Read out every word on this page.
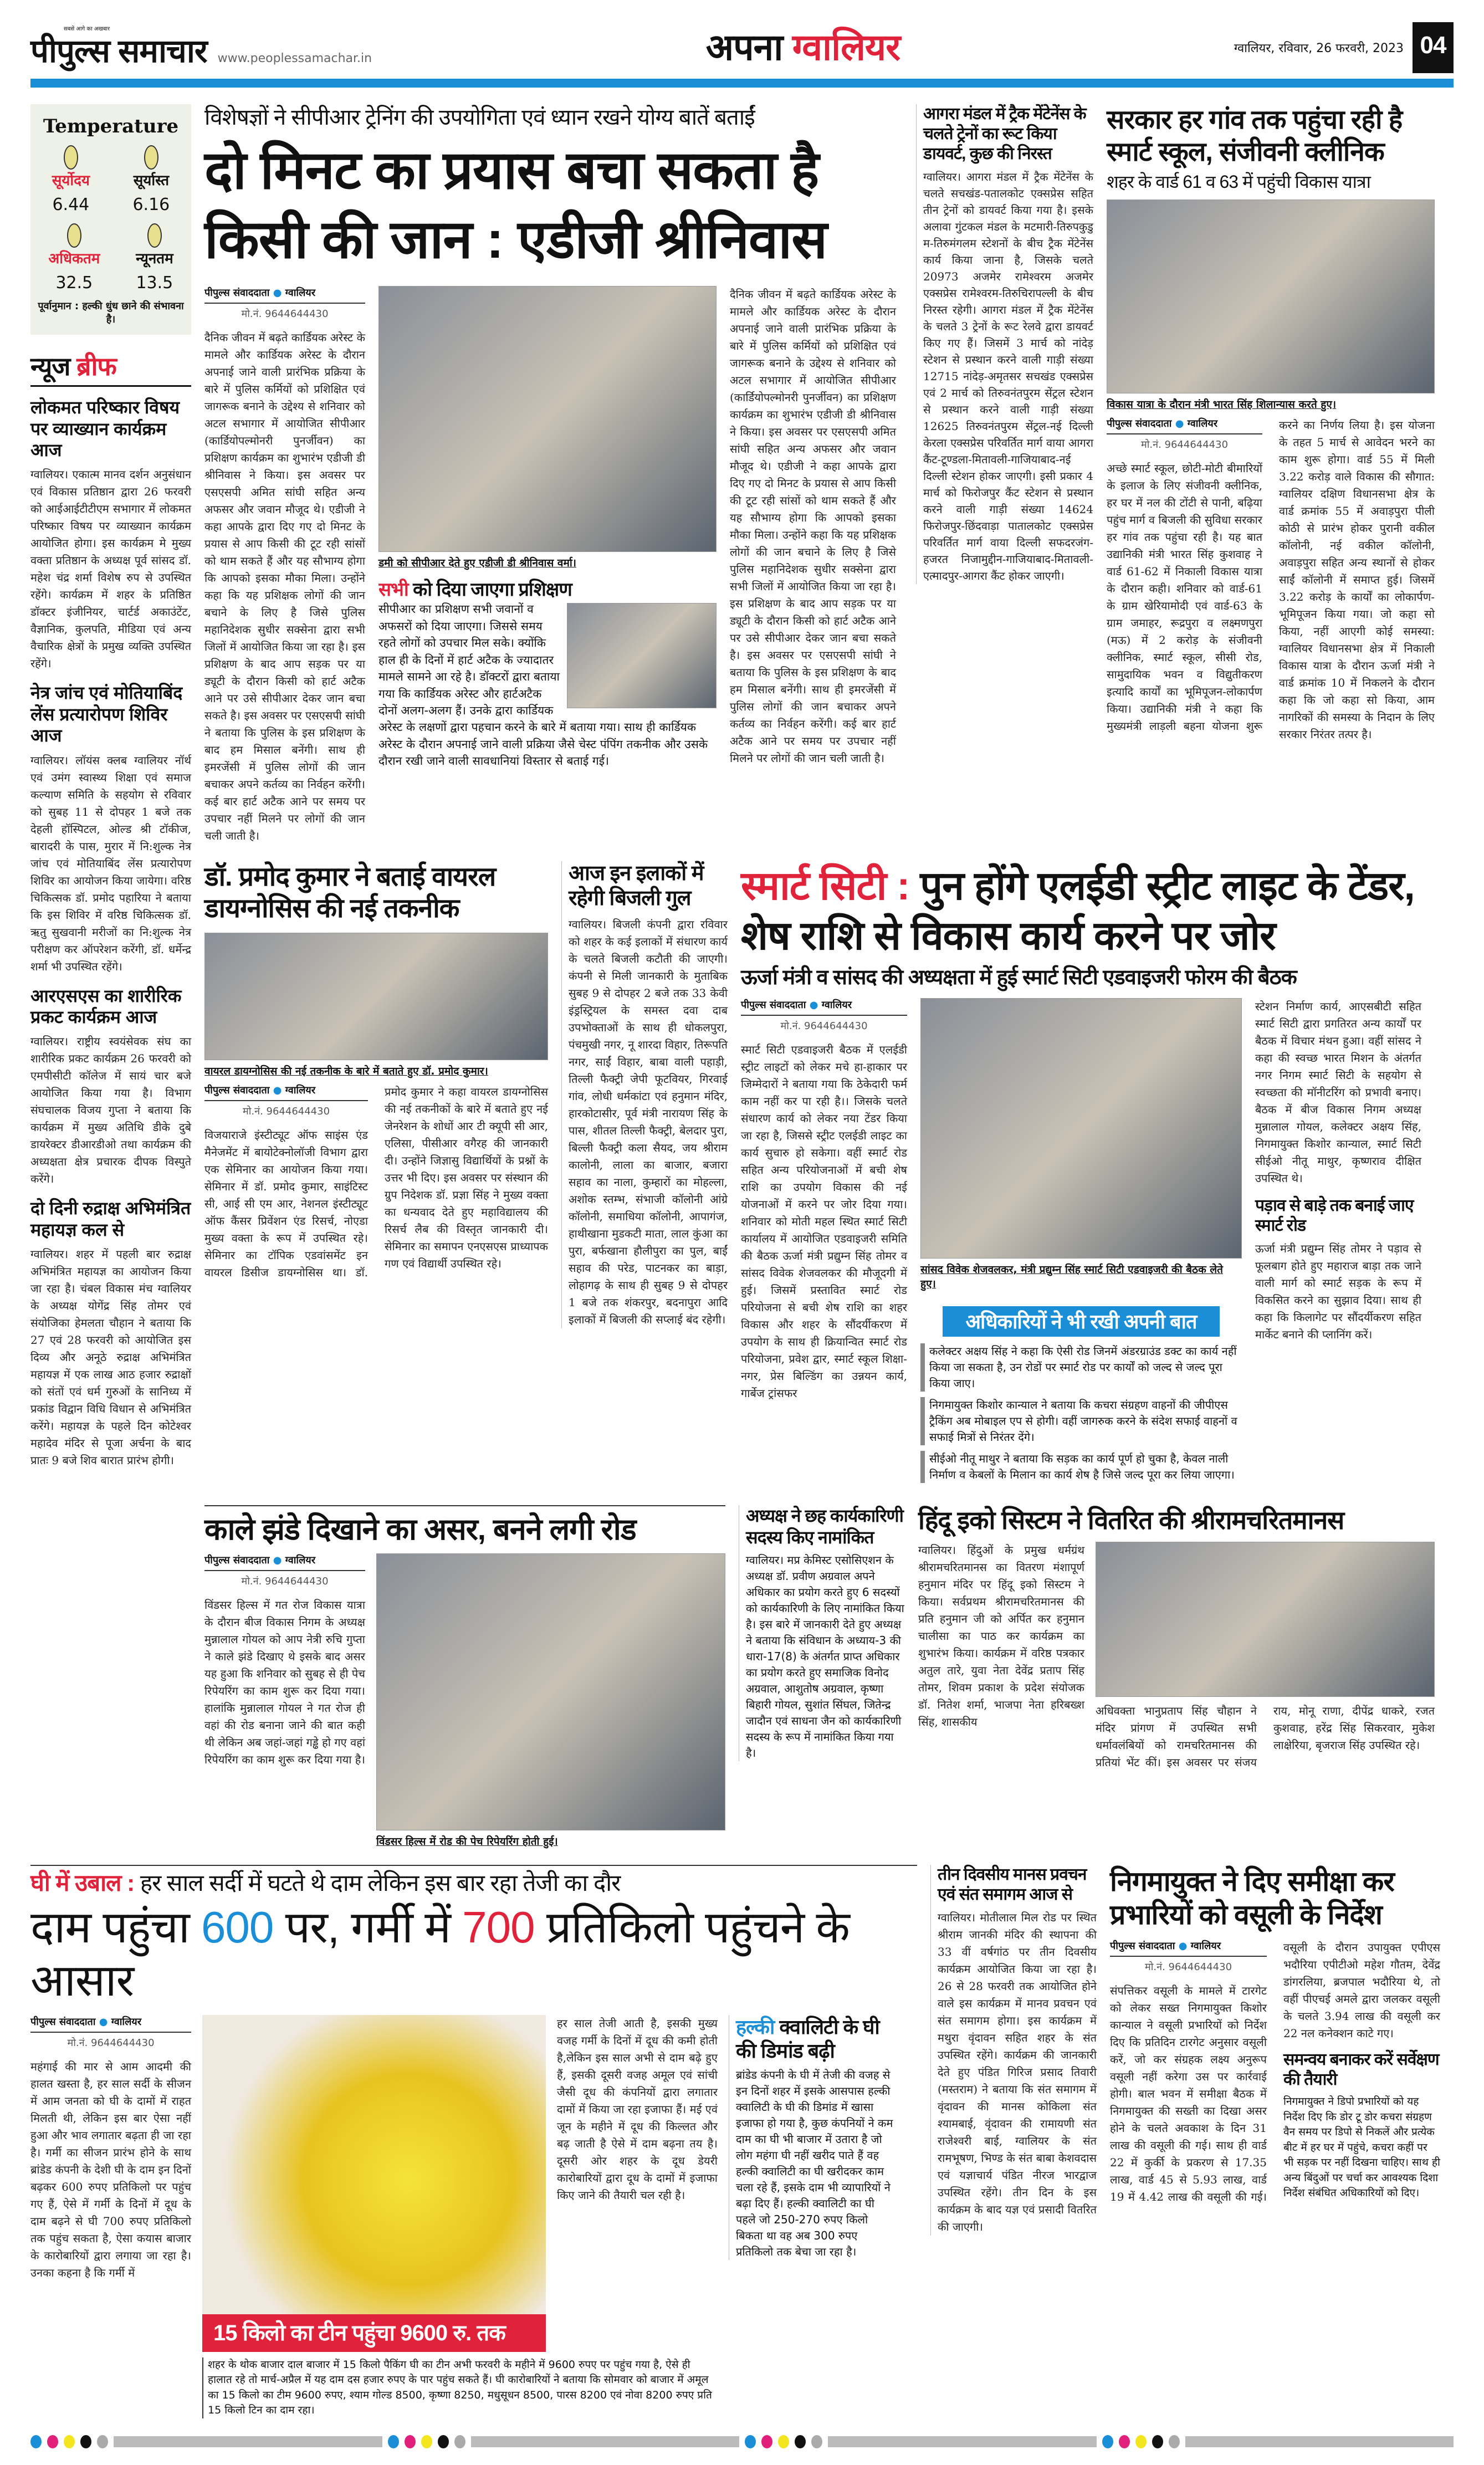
सबसे आगे का अखबार
पीपुल्स समाचार www.peoplessamachar.in	अपना ग्वालियर	ग्वालियर, रविवार, 26 फरवरी, 2023 04
Temperature
सूर्योदय
6.44
सूर्यास्त
6.16
अधिकतम
32.5
न्यूनतम
13.5
पूर्वानुमान : हल्की धुंध छाने की संभावना है।
न्यूज ब्रीफ
लोकमत परिष्कार विषय पर व्याख्यान कार्यक्रम आज
ग्वालियर। एकात्म मानव दर्शन अनुसंधान एवं विकास प्रतिष्ठान द्वारा 26 फरवरी को आईआईटीटीएम सभागार में लोकमत परिष्कार विषय पर व्याख्यान कार्यक्रम आयोजित होगा। इस कार्यक्रम मे मुख्य वक्ता प्रतिष्ठान के अध्यक्ष पूर्व सांसद डॉ. महेश चंद्र शर्मा विशेष रुप से उपस्थित रहेंगे। कार्यक्रम में शहर के प्रतिष्ठित डॉक्टर इंजीनियर, चार्टर्ड अकाउंटेंट, वैज्ञानिक, कुलपति, मीडिया एवं अन्य वैचारिक क्षेत्रों के प्रमुख व्यक्ति उपस्थित रहेंगे।
नेत्र जांच एवं मोतियाबिंद लेंस प्रत्यारोपण शिविर आज
ग्वालियर। लॉयंस क्लब ग्वालियर नॉर्थ एवं उमंग स्वास्थ्य शिक्षा एवं समाज कल्याण समिति के सहयोग से रविवार को सुबह 11 से दोपहर 1 बजे तक देहली हॉस्पिटल, ओल्ड श्री टॉकीज, बारादरी के पास, मुरार में नि:शुल्क नेत्र जांच एवं मोतियाबिंद लेंस प्रत्यारोपण शिविर का आयोजन किया जायेगा। वरिष्ठ चिकित्सक डॉ. प्रमोद पहारिया ने बताया कि इस शिविर में वरिष्ठ चिकित्सक डॉ. ऋतु सुखवानी मरीजों का नि:शुल्क नेत्र परीक्षण कर ऑपरेशन करेंगी, डॉ. धर्मेन्द्र शर्मा भी उपस्थित रहेंगे।
आरएसएस का शारीरिक प्रकट कार्यक्रम आज
ग्वालियर। राष्ट्रीय स्वयंसेवक संघ का शारीरिक प्रकट कार्यक्रम 26 फरवरी को एमपीसीटी कॉलेज में सायं चार बजे आयोजित किया गया है। विभाग संघचालक विजय गुप्ता ने बताया कि कार्यक्रम में मुख्य अतिथि डीके दुबे डायरेक्टर डीआरडीओ तथा कार्यक्रम की अध्यक्षता क्षेत्र प्रचारक दीपक विस्पुते करेंगे।
दो दिनी रुद्राक्ष अभिमंत्रित महायज्ञ कल से
ग्वालियर। शहर में पहली बार रुद्राक्ष अभिमंत्रित महायज्ञ का आयोजन किया जा रहा है। चंबल विकास मंच ग्वालियर के अध्यक्ष योगेंद्र सिंह तोमर एवं संयोजिका हेमलता चौहान ने बताया कि 27 एवं 28 फरवरी को आयोजित इस दिव्य और अनूठे रुद्राक्ष अभिमंत्रित महायज्ञ में एक लाख आठ हजार रुद्राक्षों को संतों एवं धर्म गुरुओं के सानिध्य में प्रकांड विद्वान विधि विधान से अभिमंत्रित करेंगे। महायज्ञ के पहले दिन कोटेश्वर महादेव मंदिर से पूजा अर्चना के बाद प्रातः 9 बजे शिव बारात प्रारंभ होगी।
विशेषज्ञों ने सीपीआर ट्रेनिंग की उपयोगिता एवं ध्यान रखने योग्य बातें बताईं
दो मिनट का प्रयास बचा सकता है किसी की जान : एडीजी श्रीनिवास
पीपुल्स संवाददाता ● ग्वालियर
मो.नं. 9644644430
दैनिक जीवन में बढ़ते कार्डियक अरेस्ट के मामले और कार्डियक अरेस्ट के दौरान अपनाई जाने वाली प्रारंभिक प्रक्रिया के बारे में पुलिस कर्मियों को प्रशिक्षित एवं जागरूक बनाने के उद्देश्य से शनिवार को अटल सभागार में आयोजित सीपीआर (कार्डियोपल्मोनरी पुनर्जीवन) का प्रशिक्षण कार्यक्रम का शुभारंभ एडीजी डी श्रीनिवास ने किया। इस अवसर पर एसएसपी अमित सांघी सहित अन्य अफसर और जवान मौजूद थे। एडीजी ने कहा आपके द्वारा दिए गए दो मिनट के प्रयास से आप किसी की टूट रही सांसों को थाम सकते हैं और यह सौभाग्य होगा कि आपको इसका मौका मिला। उन्होंने कहा कि यह प्रशिक्षक लोगों की जान बचाने के लिए है जिसे पुलिस महानिदेशक सुधीर सक्सेना द्वारा सभी जिलों में आयोजित किया जा रहा है। इस प्रशिक्षण के बाद आप सड़क पर या ड्यूटी के दौरान किसी को हार्ट अटैक आने पर उसे सीपीआर देकर जान बचा सकते है। इस अवसर पर एसएसपी सांघी ने बताया कि पुलिस के इस प्रशिक्षण के बाद हम मिसाल बनेंगी। साथ ही इमरजेंसी में पुलिस लोगों की जान बचाकर अपने कर्तव्य का निर्वहन करेंगी। कई बार हार्ट अटैक आने पर समय पर उपचार नहीं मिलने पर लोगों की जान चली जाती है।
डमी को सीपीआर देते हुए एडीजी डी श्रीनिवास वर्मा।
सभी को दिया जाएगा प्रशिक्षण
सीपीआर का प्रशिक्षण सभी जवानों व अफसरों को दिया जाएगा। जिससे समय रहते लोगों को उपचार मिल सके। क्योंकि हाल ही के दिनों में हार्ट अटैक के ज्यादातर मामले सामने आ रहे है। डॉक्टरों द्वारा बताया गया कि कार्डियक अरेस्ट और हार्टअटैक दोनों अलग-अलग हैं। उनके द्वारा कार्डियक अरेस्ट के लक्षणों द्वारा पहचान करने के बारे में बताया गया। साथ ही कार्डियक अरेस्ट के दौरान अपनाई जाने वाली प्रक्रिया जैसे चेस्ट पंपिंग तकनीक और उसके दौरान रखी जाने वाली सावधानियां विस्तार से बताई गई।
दैनिक जीवन में बढ़ते कार्डियक अरेस्ट के मामले और कार्डियक अरेस्ट के दौरान अपनाई जाने वाली प्रारंभिक प्रक्रिया के बारे में पुलिस कर्मियों को प्रशिक्षित एवं जागरूक बनाने के उद्देश्य से शनिवार को अटल सभागार में आयोजित सीपीआर (कार्डियोपल्मोनरी पुनर्जीवन) का प्रशिक्षण कार्यक्रम का शुभारंभ एडीजी डी श्रीनिवास ने किया। इस अवसर पर एसएसपी अमित सांघी सहित अन्य अफसर और जवान मौजूद थे। एडीजी ने कहा आपके द्वारा दिए गए दो मिनट के प्रयास से आप किसी की टूट रही सांसों को थाम सकते हैं और यह सौभाग्य होगा कि आपको इसका मौका मिला। उन्होंने कहा कि यह प्रशिक्षक लोगों की जान बचाने के लिए है जिसे पुलिस महानिदेशक सुधीर सक्सेना द्वारा सभी जिलों में आयोजित किया जा रहा है। इस प्रशिक्षण के बाद आप सड़क पर या ड्यूटी के दौरान किसी को हार्ट अटैक आने पर उसे सीपीआर देकर जान बचा सकते है। इस अवसर पर एसएसपी सांघी ने बताया कि पुलिस के इस प्रशिक्षण के बाद हम मिसाल बनेंगी। साथ ही इमरजेंसी में पुलिस लोगों की जान बचाकर अपने कर्तव्य का निर्वहन करेंगी। कई बार हार्ट अटैक आने पर समय पर उपचार नहीं मिलने पर लोगों की जान चली जाती है।
आगरा मंडल में ट्रैक मेंटेनेंस के चलते ट्रेनों का रूट किया डायवर्ट, कुछ की निरस्त
ग्वालियर। आगरा मंडल में ट्रैक मेंटेनेंस के चलते सचखंड-पतालकोट एक्सप्रेस सहित तीन ट्रेनों को डायवर्ट किया गया है। इसके अलावा गुंटकल मंडल के मटमारी-तिरुपकुडु म-तिरुमंगलम स्टेशनों के बीच ट्रैक मेंटेनेंस कार्य किया जाना है, जिसके चलते 20973 अजमेर रामेश्वरम अजमेर एक्सप्रेस रामेश्वरम-तिरुचिरापल्ली के बीच निरस्त रहेगी। आगरा मंडल में ट्रैक मेंटेनेंस के चलते 3 ट्रेनों के रूट रेलवे द्वारा डायवर्ट किए गए हैं। जिसमें 3 मार्च को नांदेड़ स्टेशन से प्रस्थान करने वाली गाड़ी संख्या 12715 नांदेड़-अमृतसर सचखंड एक्सप्रेस एवं 2 मार्च को तिरुवनंतपुरम सेंट्रल स्टेशन से प्रस्थान करने वाली गाड़ी संख्या 12625 तिरुवनंतपुरम सेंट्रल-नई दिल्ली केरला एक्सप्रेस परिवर्तित मार्ग वाया आगरा कैंट-टूण्डला-मितावली-गाजियाबाद-नई दिल्ली स्टेशन होकर जाएगी। इसी प्रकार 4 मार्च को फिरोजपुर कैंट स्टेशन से प्रस्थान करने वाली गाड़ी संख्या 14624 फिरोजपुर-छिंदवाड़ा पातालकोट एक्सप्रेस परिवर्तित मार्ग वाया दिल्ली सफदरजंग-हजरत निजामुद्दीन-गाजियाबाद-मितावली-एत्मादपुर-आगरा कैंट होकर जाएगी।
सरकार हर गांव तक पहुंचा रही है स्मार्ट स्कूल, संजीवनी क्लीनिक
शहर के वार्ड 61 व 63 में पहुंची विकास यात्रा
विकास यात्रा के दौरान मंत्री भारत सिंह शिलान्यास करते हुए।
पीपुल्स संवाददाता ● ग्वालियर
मो.नं. 9644644430
अच्छे स्मार्ट स्कूल, छोटी-मोटी बीमारियों के इलाज के लिए संजीवनी क्लीनिक, हर घर में नल की टोंटी से पानी, बढ़िया पहुंच मार्ग व बिजली की सुविधा सरकार हर गांव तक पहुंचा रही है। यह बात उद्यानिकी मंत्री भारत सिंह कुशवाह ने वार्ड 61-62 में निकाली विकास यात्रा के दौरान कही। शनिवार को वार्ड-61 के ग्राम खेरियामोदी एवं वार्ड-63 के ग्राम जमाहर, रूद्रपुरा व लक्ष्मणपुरा (मऊ) में 2 करोड़ के संजीवनी क्लीनिक, स्मार्ट स्कूल, सीसी रोड, सामुदायिक भवन व विद्युतीकरण इत्यादि कार्यों का भूमिपूजन-लोकार्पण किया। उद्यानिकी मंत्री ने कहा कि मुख्यमंत्री लाड़ली बहना योजना शुरू करने का निर्णय लिया है। इस योजना के तहत 5 मार्च से आवेदन भरने का काम शुरू होगा। वार्ड 55 में मिली 3.22 करोड़ वाले विकास की सौगात: ग्वालियर दक्षिण विधानसभा क्षेत्र के वार्ड क्रमांक 55 में अवाड़पुरा पीली कोठी से प्रारंभ होकर पुरानी वकील कॉलोनी, नई वकील कॉलोनी, अवाड़पुरा सहित अन्य स्थानों से होकर साईं कॉलोनी में समाप्त हुई। जिसमें 3.22 करोड़ के कार्यों का लोकार्पण-भूमिपूजन किया गया। जो कहा सो किया, नहीं आएगी कोई समस्या: ग्वालियर विधानसभा क्षेत्र में निकाली विकास यात्रा के दौरान ऊर्जा मंत्री ने वार्ड क्रमांक 10 में निकलने के दौरान कहा कि जो कहा सो किया, आम नागरिकों की समस्या के निदान के लिए सरकार निरंतर तत्पर है।
डॉ. प्रमोद कुमार ने बताई वायरल डायग्नोसिस की नई तकनीक
वायरल डायग्नोसिस की नई तकनीक के बारे में बताते हुए डॉ. प्रमोद कुमार।
पीपुल्स संवाददाता ● ग्वालियर
मो.नं. 9644644430
विजयाराजे इंस्टीट्यूट ऑफ साइंस एंड मैनेजमेंट में बायोटेक्नोलॉजी विभाग द्वारा एक सेमिनार का आयोजन किया गया। सेमिनार में डॉ. प्रमोद कुमार, साइंटिस्ट सी, आई सी एम आर, नेशनल इंस्टीट्यूट ऑफ कैंसर प्रिवेंशन एंड रिसर्च, नोएडा मुख्य वक्ता के रूप में उपस्थित रहे। सेमिनार का टॉपिक एडवांसमेंट इन वायरल डिसीज डायग्नोसिस था। डॉ. प्रमोद कुमार ने कहा वायरल डायग्नोसिस की नई तकनीकों के बारे में बताते हुए नई जेनरेशन के शोधों आर टी क्यूपी सी आर, एलिसा, पीसीआर वगैरह की जानकारी दी। उन्होंने जिज्ञासु विद्यार्थियों के प्रश्नों के उत्तर भी दिए। इस अवसर पर संस्थान की ग्रुप निदेशक डॉ. प्रज्ञा सिंह ने मुख्य वक्ता का धन्यवाद देते हुए महाविद्यालय की रिसर्च लैब की विस्तृत जानकारी दी। सेमिनार का समापन एनएसएस प्राध्यापक गण एवं विद्यार्थी उपस्थित रहे।
आज इन इलाकों में रहेगी बिजली गुल
ग्वालियर। बिजली कंपनी द्वारा रविवार को शहर के कई इलाकों में संधारण कार्य के चलते बिजली कटौती की जाएगी। कंपनी से मिली जानकारी के मुताबिक सुबह 9 से दोपहर 2 बजे तक 33 केवी इंड्रस्ट्रियल के समस्त दवा दाब उपभोक्ताओं के साथ ही धोकलपुरा, पंचमुखी नगर, नू शारदा विहार, तिरूपति नगर, साईं विहार, बाबा वाली पहाड़ी, तिल्ली फैक्ट्री जेपी फूटवियर, गिरवाई गांव, लोधी धर्मकांटा एवं हनुमान मंदिर, हारकोटासीर, पूर्व मंत्री नारायण सिंह के पास, शीतल तिल्ली फैक्ट्री, बेलदार पुरा, बिल्ली फैक्ट्री कला सैयद, जय श्रीराम कालोनी, लाला का बाजार, बजारा सहाव का नाला, कुम्हारों का मोहल्ला, अशोक स्तम्भ, संभाजी कॉलोनी आंग्रे कॉलोनी, समाधिया कॉलोनी, आपागंज, हाथीखाना मुडकटी माता, लाल कुंआ का पुरा, बर्फखाना हौलीपुरा का पुल, बाईं सहाव की परेड, पाटनकर का बाड़ा, लोहागढ़ के साथ ही सुबह 9 से दोपहर 1 बजे तक शंकरपुर, बदनापुरा आदि इलाकों में बिजली की सप्लाई बंद रहेगी।
स्मार्ट सिटी : पुन होंगे एलईडी स्ट्रीट लाइट के टेंडर, शेष राशि से विकास कार्य करने पर जोर
ऊर्जा मंत्री व सांसद की अध्यक्षता में हुई स्मार्ट सिटी एडवाइजरी फोरम की बैठक
पीपुल्स संवाददाता ● ग्वालियर
मो.नं. 9644644430
स्मार्ट सिटी एडवाइजरी बैठक में एलईडी स्ट्रीट लाइटों को लेकर मचे हा-हाकार पर जिम्मेदारों ने बताया गया कि ठेकेदारी फर्म काम नहीं कर पा रही है।। जिसके चलते संधारण कार्य को लेकर नया टेंडर किया जा रहा है, जिससे स्ट्रीट एलईडी लाइट का कार्य सुचारु हो सकेगा। वहीं स्मार्ट रोड सहित अन्य परियोजनाओं में बची शेष राशि का उपयोग विकास की नई योजनाओं में करने पर जोर दिया गया। शनिवार को मोती महल स्थित स्मार्ट सिटी कार्यालय में आयोजित एडवाइजरी समिति की बैठक ऊर्जा मंत्री प्रद्युम्न सिंह तोमर व सांसद विवेक शेजवलकर की मौजूदगी में हुई। जिसमें प्रस्तावित स्मार्ट रोड परियोजना से बची शेष राशि का शहर विकास और शहर के सौंदर्यीकरण में उपयोग के साथ ही क्रियान्वित स्मार्ट रोड परियोजना, प्रवेश द्वार, स्मार्ट स्कूल शिक्षा-नगर, प्रेस बिल्डिंग का उन्नयन कार्य, गार्बेज ट्रांसफर
सांसद विवेक शेजवलकर, मंत्री प्रद्युम्न सिंह स्मार्ट सिटी एडवाइजरी की बैठक लेते हुए।
अधिकारियों ने भी रखी अपनी बात
कलेक्टर अक्षय सिंह ने कहा कि ऐसी रोड जिनमें अंडरग्राउंड डक्ट का कार्य नहीं किया जा सकता है, उन रोडों पर स्मार्ट रोड पर कार्यों को जल्द से जल्द पूरा किया जाए।
निगमायुक्त किशोर कान्याल ने बताया कि कचरा संग्रहण वाहनों की जीपीएस ट्रैकिंग अब मोबाइल एप से होगी। वहीं जागरुक करने के संदेश सफाई वाहनों व सफाई मित्रों से निरंतर देंगे।
सीईओ नीतू माथुर ने बताया कि सड़क का कार्य पूर्ण हो चुका है, केवल नाली निर्माण व केबलों के मिलान का कार्य शेष है जिसे जल्द पूरा कर लिया जाएगा।
स्टेशन निर्माण कार्य, आएसबीटी सहित स्मार्ट सिटी द्वारा प्रगतिरत अन्य कार्यों पर बैठक में विचार मंथन हुआ। वहीं सांसद ने कहा की स्वच्छ भारत मिशन के अंतर्गत नगर निगम स्मार्ट सिटी के सहयोग से स्वच्छता की मॉनीटरिंग को प्रभावी बनाए। बैठक में बीज विकास निगम अध्यक्ष मुन्नालाल गोयल, कलेक्टर अक्षय सिंह, निगमायुक्त किशोर कान्याल, स्मार्ट सिटी सीईओ नीतू माथुर, कृष्णराव दीक्षित उपस्थित थे।
पड़ाव से बाड़े तक बनाई जाए स्मार्ट रोड
ऊर्जा मंत्री प्रद्युम्न सिंह तोमर ने पड़ाव से फूलबाग होते हुए महाराज बाड़ा तक जाने वाली मार्ग को स्मार्ट सड़क के रूप में विकसित करने का सुझाव दिया। साथ ही कहा कि किलागेट पर सौंदर्यीकरण सहित मार्केट बनाने की प्लानिंग करें।
काले झंडे दिखाने का असर, बनने लगी रोड
पीपुल्स संवाददाता ● ग्वालियर
मो.नं. 9644644430
विंडसर हिल्स में गत रोज विकास यात्रा के दौरान बीज विकास निगम के अध्यक्ष मुन्नालाल गोयल को आप नेत्री रुचि गुप्ता ने काले झंडे दिखाए थे इसके बाद असर यह हुआ कि शनिवार को सुबह से ही पेच रिपेयरिंग का काम शुरू कर दिया गया। हालांकि मुन्नालाल गोयल ने गत रोज ही वहां की रोड बनाना जाने की बात कही थी लेकिन अब जहां-जहां गड्ढे हो गए वहां रिपेयरिंग का काम शुरू कर दिया गया है।
विंडसर हिल्स में रोड की पेच रिपेयरिंग होती हुई।
अध्यक्ष ने छह कार्यकारिणी सदस्य किए नामांकित
ग्वालियर। मप्र केमिस्ट एसोसिएशन के अध्यक्ष डॉ. प्रवीण अग्रवाल अपने अधिकार का प्रयोग करते हुए 6 सदस्यों को कार्यकारिणी के लिए नामांकित किया है। इस बारे में जानकारी देते हुए अध्यक्ष ने बताया कि संविधान के अध्याय-3 की धारा-17(8) के अंतर्गत प्राप्त अधिकार का प्रयोग करते हुए समाजिक विनोद अग्रवाल, आशुतोष अग्रवाल, कृष्णा बिहारी गोयल, सुशांत सिंघल, जितेन्द्र जादौन एवं साधना जैन को कार्यकारिणी सदस्य के रूप में नामांकित किया गया है।
हिंदू इको सिस्टम ने वितरित की श्रीरामचरितमानस
ग्वालियर। हिंदुओं के प्रमुख धर्मग्रंथ श्रीरामचरितमानस का वितरण मंशापूर्ण हनुमान मंदिर पर हिंदू इको सिस्टम ने किया। सर्वप्रथम श्रीरामचरितमानस की प्रति हनुमान जी को अर्पित कर हनुमान चालीसा का पाठ कर कार्यक्रम का शुभारंभ किया। कार्यक्रम में वरिष्ठ पत्रकार अतुल तारे, युवा नेता देवेंद्र प्रताप सिंह तोमर, शिवम प्रकाश के प्रदेश संयोजक डॉ. नितेश शर्मा, भाजपा नेता हरिबख्श सिंह, शासकीय
अधिवक्ता भानुप्रताप सिंह चौहान ने मंदिर प्रांगण में उपस्थित सभी धर्मावलंबियों को रामचरितमानस की प्रतियां भेंट कीं। इस अवसर पर संजय राय, मोनू राणा, दीपेंद्र धाकरे, रजत कुशवाह, हरेंद्र सिंह सिकरवार, मुकेश लाक्षेरिया, बृजराज सिंह उपस्थित रहे।
घी में उबाल : हर साल सर्दी में घटते थे दाम लेकिन इस बार रहा तेजी का दौर
दाम पहुंचा 600 पर, गर्मी में 700 प्रतिकिलो पहुंचने के आसार
पीपुल्स संवाददाता ● ग्वालियर
मो.नं. 9644644430
महंगाई की मार से आम आदमी की हालत खस्ता है, हर साल सर्दी के सीजन में आम जनता को घी के दामों में राहत मिलती थी, लेकिन इस बार ऐसा नहीं हुआ और भाव लगातार बढ़ता ही जा रहा है। गर्मी का सीजन प्रारंभ होने के साथ ब्रांडेड कंपनी के देशी घी के दाम इन दिनों बढ़कर 600 रुपए प्रतिकिलो पर पहुंच गए हैं, ऐसे में गर्मी के दिनों में दूध के दाम बढ़ने से घी 700 रुपए प्रतिकिलो तक पहुंच सकता है, ऐसा कयास बाजार के कारोबारियों द्वारा लगाया जा रहा है। उनका कहना है कि गर्मी में
15 किलो का टीन पहुंचा 9600 रु. तक
हर साल तेजी आती है, इसकी मुख्य वजह गर्मी के दिनों में दूध की कमी होती है,लेकिन इस साल अभी से दाम बढ़े हुए हैं, इसकी दूसरी वजह अमूल एवं सांची जैसी दूध की कंपनियों द्वारा लगातार दामों में किया जा रहा इजाफा हैं। मई एवं जून के महीने में दूध की किल्लत और बढ़ जाती है ऐसे में दाम बढ़ना तय है। दूसरी ओर शहर के दूध डेयरी कारोबारियों द्वारा दूध के दामों में इजाफा किए जाने की तैयारी चल रही है।
शहर के थोक बाजार दाल बाजार में 15 किलो पैकिंग घी का टीन अभी फरवरी के महीने में 9600 रुपए पर पहुंच गया है, ऐसे ही हालात रहे तो मार्च-अप्रैल में यह दाम दस हजार रुपए के पार पहुंच सकते हैं। घी कारोबारियों ने बताया कि सोमवार को बाजार में अमूल का 15 किलो का टीम 9600 रुपए, श्याम गोल्ड 8500, कृष्णा 8250, मधुसूधन 8500, पारस 8200 एवं नोवा 8200 रुपए प्रति 15 किलो टिन का दाम रहा।
हल्की क्वालिटी के घी की डिमांड बढ़ी
ब्रांडेड कंपनी के घी में तेजी की वजह से इन दिनों शहर में इसके आसपास हल्की क्वालिटी के घी की डिमांड में खासा इजाफा हो गया है, कुछ कंपनियों ने कम दाम का घी भी बाजार में उतारा है जो लोग महंगा घी नहीं खरीद पाते हैं वह हल्की क्वालिटी का घी खरीदकर काम चला रहे हैं, इसके दाम भी व्यापारियों ने बढ़ा दिए हैं। हल्की क्वालिटी का घी पहले जो 250-270 रुपए किलो बिकता था वह अब 300 रुपए प्रतिकिलो तक बेचा जा रहा है।
तीन दिवसीय मानस प्रवचन एवं संत समागम आज से
ग्वालियर। मोतीलाल मिल रोड पर स्थित श्रीराम जानकी मंदिर की स्थापना की 33 वीं वर्षगांठ पर तीन दिवसीय कार्यक्रम आयोजित किया जा रहा है। 26 से 28 फरवरी तक आयोजित होने वाले इस कार्यक्रम में मानव प्रवचन एवं संत समागम होगा। इस कार्यक्रम में मथुरा वृंदावन सहित शहर के संत उपस्थित रहेंगे। कार्यक्रम की जानकारी देते हुए पंडित गिरिज प्रसाद तिवारी (मस्तराम) ने बताया कि संत समागम में वृंदावन की मानस कोकिला संत श्यामबाई, वृंदावन की रामायणी संत राजेश्वरी बाई, ग्वालियर के संत रामभूषण, भिण्ड के संत बाबा केशवदास एवं यज्ञाचार्य पंडित नीरज भारद्वाज उपस्थित रहेंगे। तीन दिन के इस कार्यक्रम के बाद यज्ञ एवं प्रसादी वितरित की जाएगी।
निगमायुक्त ने दिए समीक्षा कर प्रभारियों को वसूली के निर्देश
पीपुल्स संवाददाता ● ग्वालियर
मो.नं. 9644644430
संपत्तिकर वसूली के मामले में टारगेट को लेकर सख्त निगमायुक्त किशोर कान्याल ने वसूली प्रभारियों को निर्देश दिए कि प्रतिदिन टारगेट अनुसार वसूली करें, जो कर संग्रहक लक्ष्य अनुरूप वसूली नहीं करेगा उस पर कार्रवाई होगी। बाल भवन में समीक्षा बैठक में निगमायुक्त की सख्ती का दिखा असर होने के चलते अवकाश के दिन 31 लाख की वसूली की गई। साथ ही वार्ड 22 में कुर्की के प्रकरण से 17.35 लाख, वार्ड 45 से 5.93 लाख, वार्ड 19 में 4.42 लाख की वसूली की गई। वसूली के दौरान उपायुक्त एपीएस भदौरिया एपीटीओ महेश गौतम, देवेंद्र डांगरलिया, ब्रजपाल भदौरिया थे, तो वहीं पीएचई अमले द्वारा जलकर वसूली के चलते 3.94 लाख की वसूली कर 22 नल कनेक्शन काटे गए।
समन्वय बनाकर करें सर्वेक्षण की तैयारी
निगमायुक्त ने डिपो प्रभारियों को यह निर्देश दिए कि डोर टू डोर कचरा संग्रहण वैन समय पर डिपो से निकलें और प्रत्येक बीट में हर घर में पहुंचे, कचरा कहीं पर भी सड़क पर नहीं दिखना चाहिए। साथ ही अन्य बिंदुओं पर चर्चा कर आवश्यक दिशा निर्देश संबंधित अधिकारियों को दिए।
